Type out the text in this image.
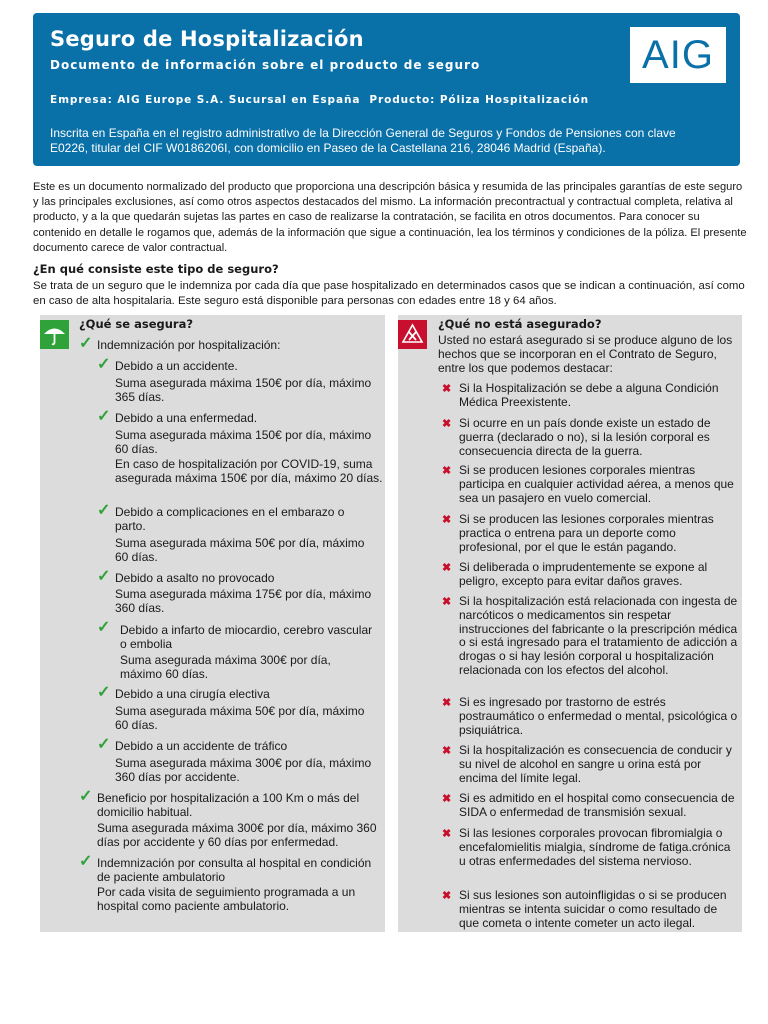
Seguro de Hospitalización
Documento de información sobre el producto de seguro
Empresa: AIG Europe S.A. Sucursal en España  Producto: Póliza Hospitalización
Inscrita en España en el registro administrativo de la Dirección General de Seguros y Fondos de Pensiones con clave E0226, titular del CIF W0186206I, con domicilio en Paseo de la Castellana 216, 28046 Madrid (España).
AIG
Este es un documento normalizado del producto que proporciona una descripción básica y resumida de las principales garantías de este seguro y las principales exclusiones, así como otros aspectos destacados del mismo. La información precontractual y contractual completa, relativa al producto, y a la que quedarán sujetas las partes en caso de realizarse la contratación, se facilita en otros documentos. Para conocer su contenido en detalle le rogamos que, además de la información que sigue a continuación, lea los términos y condiciones de la póliza. El presente documento carece de valor contractual.
¿En qué consiste este tipo de seguro?
Se trata de un seguro que le indemniza por cada día que pase hospitalizado en determinados casos que se indican a continuación, así como en caso de alta hospitalaria. Este seguro está disponible para personas con edades entre 18 y 64 años.
¿Qué se asegura?
✓ Indemnización por hospitalización:
✓ Debido a un accidente.
Suma asegurada máxima 150€ por día, máximo 365 días.
✓ Debido a una enfermedad.
Suma asegurada máxima 150€ por día, máximo 60 días.
En caso de hospitalización por COVID-19, suma asegurada máxima 150€ por día, máximo 20 días.
✓ Debido a complicaciones en el embarazo o parto.
Suma asegurada máxima 50€ por día, máximo 60 días.
✓ Debido a asalto no provocado
Suma asegurada máxima 175€ por día, máximo 360 días.
✓ Debido a infarto de miocardio, cerebro vascular o embolia
Suma asegurada máxima 300€ por día, máximo 60 días.
✓ Debido a una cirugía electiva
Suma asegurada máxima 50€ por día, máximo 60 días.
✓ Debido a un accidente de tráfico
Suma asegurada máxima 300€ por día, máximo 360 días por accidente.
✓ Beneficio por hospitalización a 100 Km o más del domicilio habitual.
Suma asegurada máxima 300€ por día, máximo 360 días por accidente y 60 días por enfermedad.
✓ Indemnización por consulta al hospital en condición de paciente ambulatorio
Por cada visita de seguimiento programada a un hospital como paciente ambulatorio.
¿Qué no está asegurado?
Usted no estará asegurado si se produce alguno de los hechos que se incorporan en el Contrato de Seguro, entre los que podemos destacar:
✖ Si la Hospitalización se debe a alguna Condición Médica Preexistente.
✖ Si ocurre en un país donde existe un estado de guerra (declarado o no), si la lesión corporal es consecuencia directa de la guerra.
✖ Si se producen lesiones corporales mientras participa en cualquier actividad aérea, a menos que sea un pasajero en vuelo comercial.
✖ Si se producen las lesiones corporales mientras practica o entrena para un deporte como profesional, por el que le están pagando.
✖ Si deliberada o imprudentemente se expone al peligro, excepto para evitar daños graves.
✖ Si la hospitalización está relacionada con ingesta de narcóticos o medicamentos sin respetar instrucciones del fabricante o la prescripción médica o si está ingresado para el tratamiento de adicción a drogas o si hay lesión corporal u hospitalización relacionada con los efectos del alcohol.
✖ Si es ingresado por trastorno de estrés postraumático o enfermedad o mental, psicológica o psiquiátrica.
✖ Si la hospitalización es consecuencia de conducir y su nivel de alcohol en sangre u orina está por encima del límite legal.
✖ Si es admitido en el hospital como consecuencia de SIDA o enfermedad de transmisión sexual.
✖ Si las lesiones corporales provocan fibromialgia o encefalomielitis mialgia, síndrome de fatiga.crónica u otras enfermedades del sistema nervioso.
✖ Si sus lesiones son autoinfligidas o si se producen mientras se intenta suicidar o como resultado de que cometa o intente cometer un acto ilegal.
